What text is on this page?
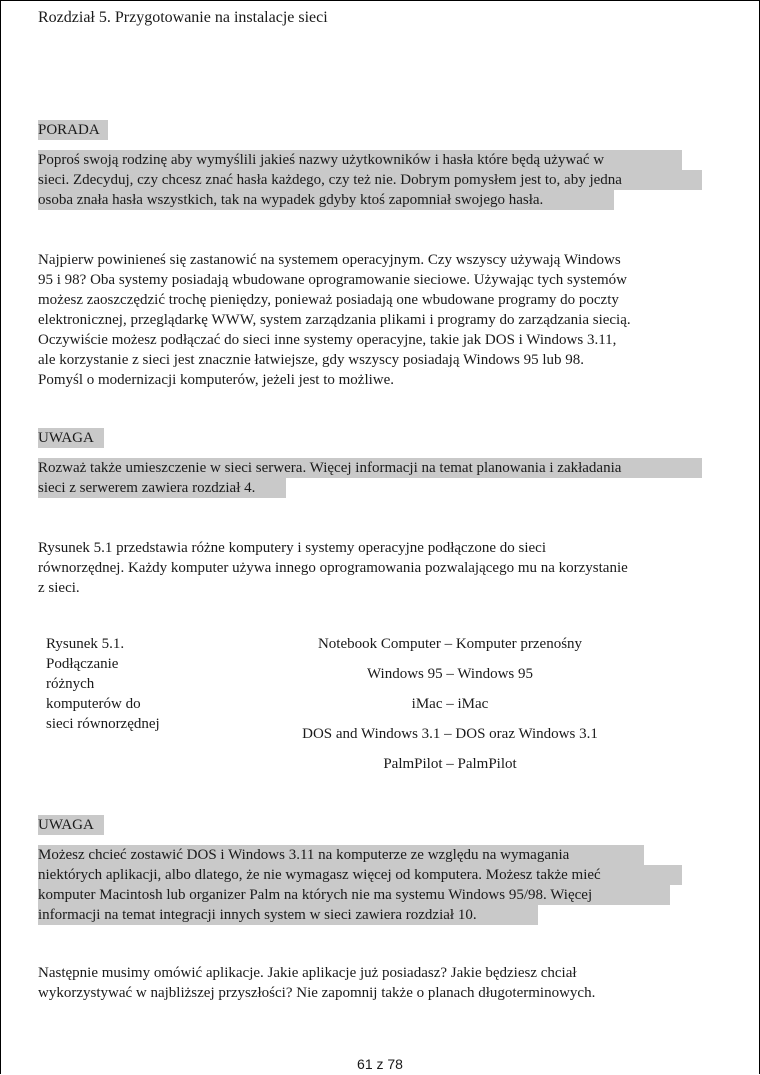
Rozdział 5. Przygotowanie na instalacje sieci
PORADA
Poproś swoją rodzinę aby wymyślili jakieś nazwy użytkowników i hasła które będą używać w
sieci. Zdecyduj, czy chcesz znać hasła każdego, czy też nie. Dobrym pomysłem jest to, aby jedna
osoba znała hasła wszystkich, tak na wypadek gdyby ktoś zapomniał swojego hasła.
Najpierw powinieneś się zastanowić na systemem operacyjnym. Czy wszyscy używają Windows
95 i 98? Oba systemy posiadają wbudowane oprogramowanie sieciowe. Używając tych systemów
możesz zaoszczędzić trochę pieniędzy, ponieważ posiadają one wbudowane programy do poczty
elektronicznej, przeglądarkę WWW, system zarządzania plikami i programy do zarządzania siecią.
Oczywiście możesz podłączać do sieci inne systemy operacyjne, takie jak DOS i Windows 3.11,
ale korzystanie z sieci jest znacznie łatwiejsze, gdy wszyscy posiadają Windows 95 lub 98.
Pomyśl o modernizacji komputerów, jeżeli jest to możliwe.
UWAGA
Rozważ także umieszczenie w sieci serwera. Więcej informacji na temat planowania i zakładania
sieci z serwerem zawiera rozdział 4.
Rysunek 5.1 przedstawia różne komputery i systemy operacyjne podłączone do sieci
równorzędnej. Każdy komputer używa innego oprogramowania pozwalającego mu na korzystanie
z sieci.
Rysunek 5.1.
Podłączanie
różnych
komputerów do
sieci równorzędnej
Notebook Computer – Komputer przenośny
Windows 95 – Windows 95
iMac – iMac
DOS and Windows 3.1 – DOS oraz Windows 3.1
PalmPilot – PalmPilot
UWAGA
Możesz chcieć zostawić DOS i Windows 3.11 na komputerze ze względu na wymagania
niektórych aplikacji, albo dlatego, że nie wymagasz więcej od komputera. Możesz także mieć
komputer Macintosh lub organizer Palm na których nie ma systemu Windows 95/98. Więcej
informacji na temat integracji innych system w sieci zawiera rozdział 10.
Następnie musimy omówić aplikacje. Jakie aplikacje już posiadasz? Jakie będziesz chciał
wykorzystywać w najbliższej przyszłości? Nie zapomnij także o planach długoterminowych.
61 z 78
